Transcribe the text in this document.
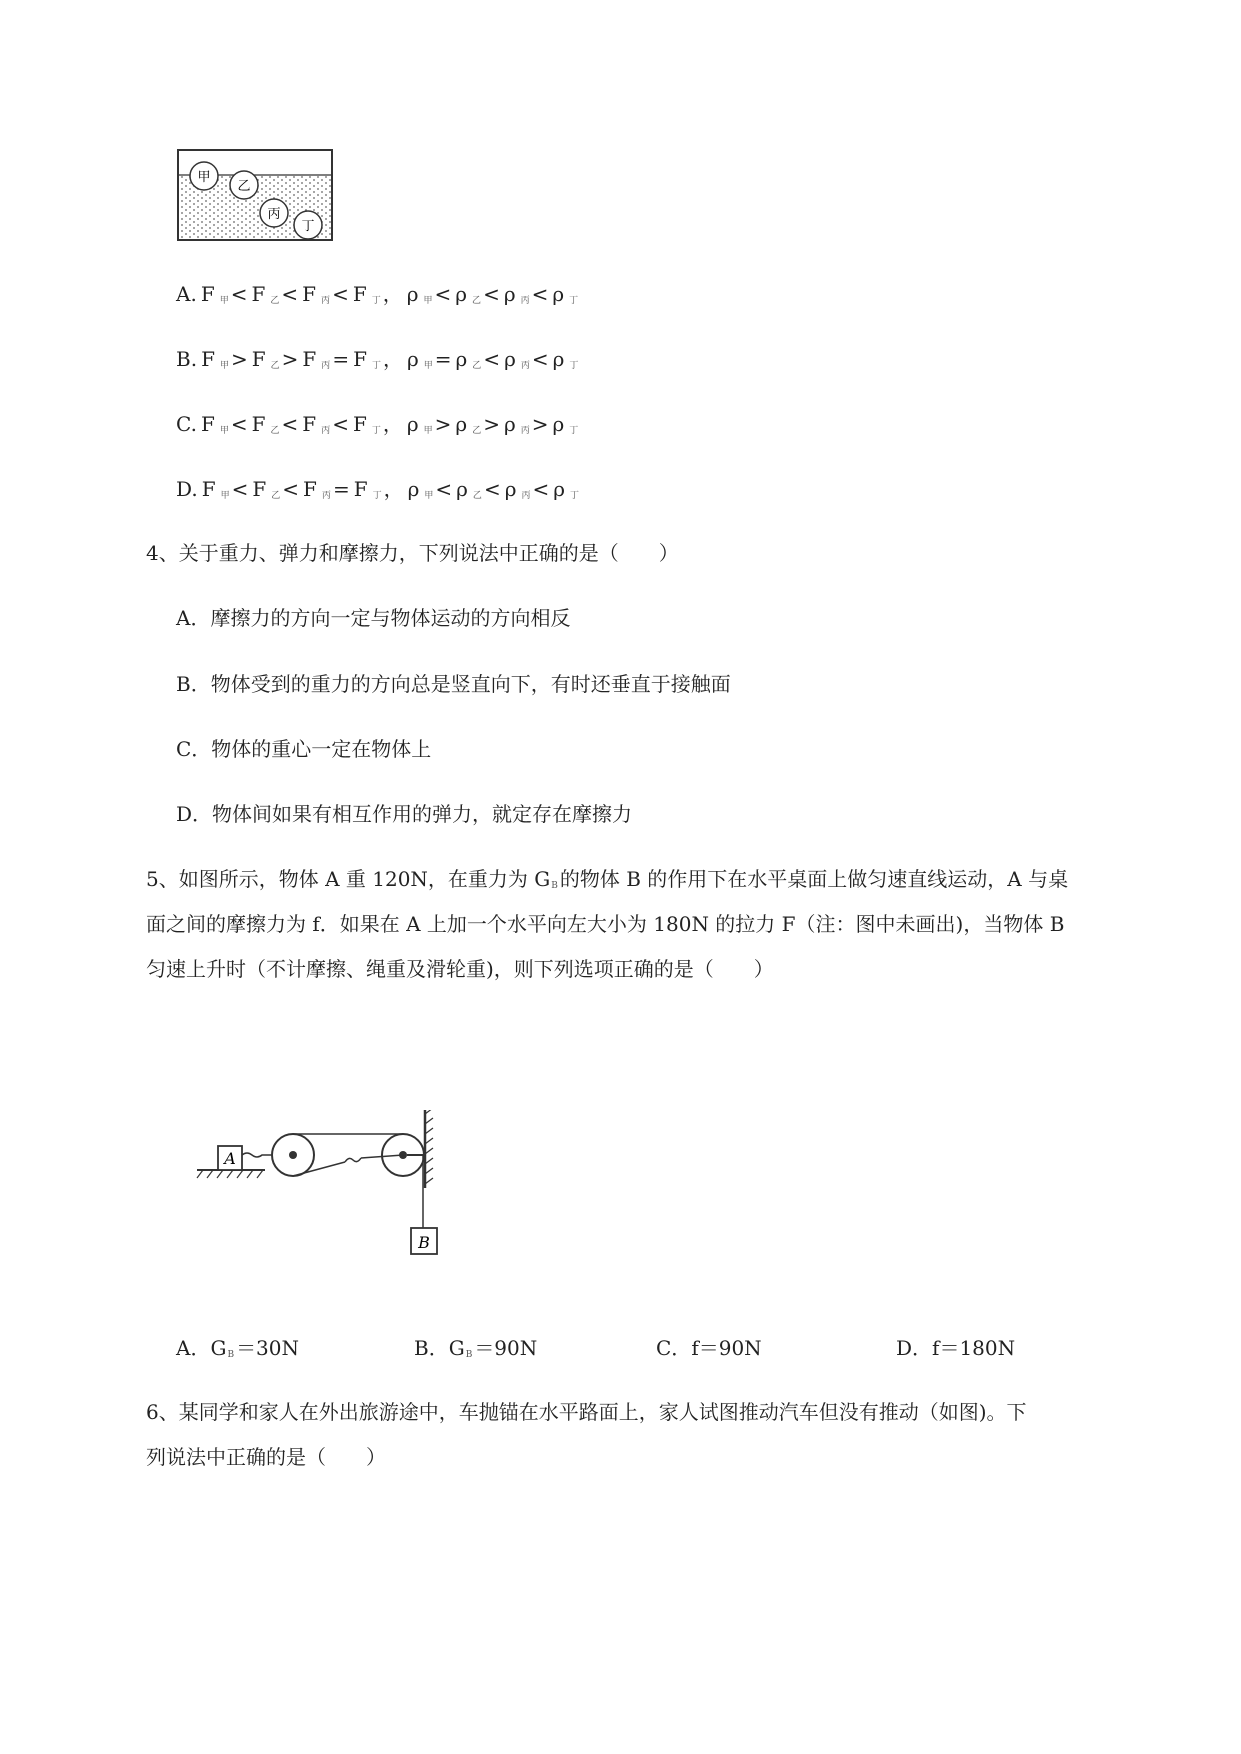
甲
乙
丙
丁
A. F $_甲$ < F $_乙$ < F $_丙$ < F $_丁$ ， ρ $_甲$ < ρ $_乙$ < ρ $_丙$ < ρ $_丁$
B. F $_甲$ > F $_乙$ > F $_丙$ = F $_丁$ ， ρ $_甲$ = ρ $_乙$ < ρ $_丙$ < ρ $_丁$
C. F $_甲$ < F $_乙$ < F $_丙$ < F $_丁$ ， ρ $_甲$ > ρ $_乙$ > ρ $_丙$ > ρ $_丁$
D. F $_甲$ < F $_乙$ < F $_丙$ = F $_丁$ ， ρ $_甲$ < ρ $_乙$ < ρ $_丙$ < ρ $_丁$
4、关于重力、弹力和摩擦力，下列说法中正确的是（　　）
A．摩擦力的方向一定与物体运动的方向相反
B．物体受到的重力的方向总是竖直向下，有时还垂直于接触面
C．物体的重心一定在物体上
D．物体间如果有相互作用的弹力，就定存在摩擦力
5、如图所示，物体 A 重 120N，在重力为 $G_B$ 的物体 B 的作用下在水平桌面上做匀速直线运动，A 与桌
面之间的摩擦力为 f．如果在 A 上加一个水平向左大小为 180N 的拉力 F（注：图中未画出)，当物体 B
匀速上升时（不计摩擦、绳重及滑轮重)，则下列选项正确的是（　　）
A
B
A．$G_B =30N$	B．$G_B =90N$	C．f＝90N	D．f＝180N
6、某同学和家人在外出旅游途中，车抛锚在水平路面上，家人试图推动汽车但没有推动（如图)。下
列说法中正确的是（　　）
